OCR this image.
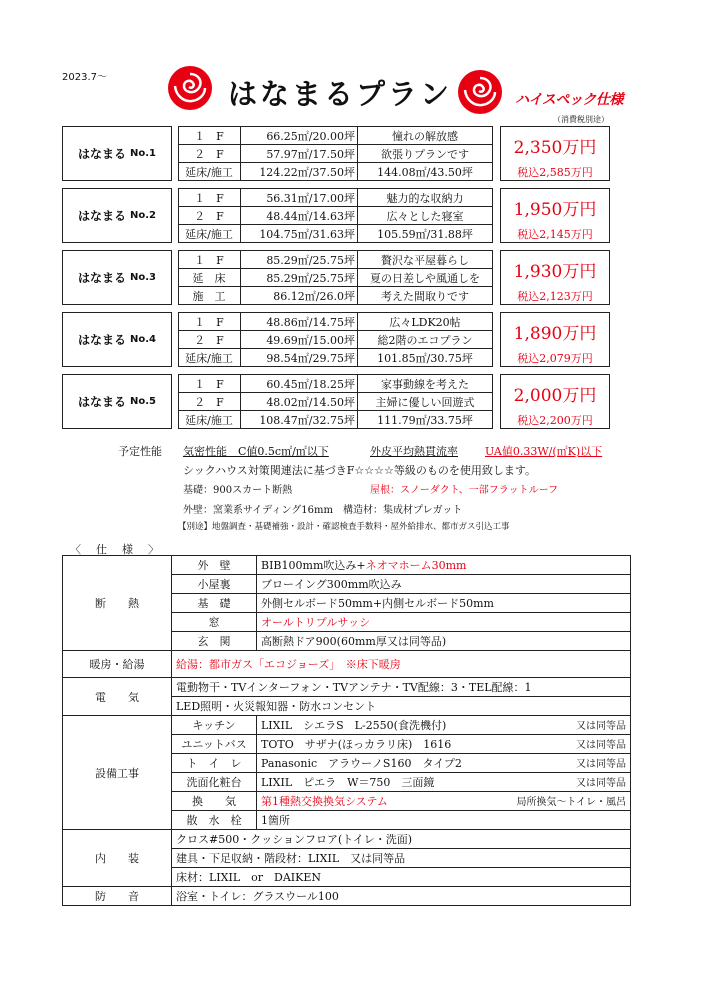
2023.7〜	はなまるプラン	ハイスペック仕様
（消費税別途）
はなまる No.1
１　F	66.25㎡/20.00坪	憧れの解放感
２　F	57.97㎡/17.50坪	欲張りプランです
延床/施工	124.22㎡/37.50坪	144.08㎡/43.50坪
2,350万円
税込2,585万円
はなまる No.2
１　F	56.31㎡/17.00坪	魅力的な収納力
２　F	48.44㎡/14.63坪	広々とした寝室
延床/施工	104.75㎡/31.63坪	105.59㎡/31.88坪
1,950万円
税込2,145万円
はなまる No.3
１　F	85.29㎡/25.75坪	贅沢な平屋暮らし
延　床	85.29㎡/25.75坪	夏の日差しや風通しを
施　工	86.12㎡/26.0坪	考えた間取りです
1,930万円
税込2,123万円
はなまる No.4
１　F	48.86㎡/14.75坪	広々LDK20帖
２　F	49.69㎡/15.00坪	総2階のエコプラン
延床/施工	98.54㎡/29.75坪	101.85㎡/30.75坪
1,890万円
税込2,079万円
はなまる No.5
１　F	60.45㎡/18.25坪	家事動線を考えた
２　F	48.02㎡/14.50坪	主婦に優しい回遊式
延床/施工	108.47㎡/32.75坪	111.79㎡/33.75坪
2,000万円
税込2,200万円
予定性能 気密性能　C値0.5c㎡/㎡以下	外皮平均熱貫流率 UA値0.33W/(㎡K)以下
シックハウス対策関連法に基づきF☆☆☆☆等級のものを使用致します。
基礎：900スカート断熱	屋根：スノーダクト、一部フラットルーフ
外壁：窯業系サイディング16mm　構造材：集成材プレガット
【別途】地盤調査・基礎補強・設計・確認検査手数料・屋外給排水、都市ガス引込工事
〈　仕　様　〉
断　　熱	外　壁	BIB100mm吹込み+ネオマホーム30mm
	小屋裏	ブローイング300mm吹込み
	基　礎	外側セルボード50mm+内側セルボード50mm
	窓	オールトリプルサッシ
	玄　関	高断熱ドア900(60mm厚又は同等品)
暖房・給湯	給湯：都市ガス「エコジョーズ」　※床下暖房	
電　　気	電動物干・TVインターフォン・TVアンテナ・TV配線：3・TEL配線：1	
	LED照明・火災報知器・防水コンセント	
設備工事	キッチン	LIXIL　シエラS　L-2550(食洗機付) 又は同等品

	ユニットバス	TOTO　サザナ(ほっカラリ床)　1616 又は同等品

	ト　イ　レ	Panasonic　アラウーノS160　タイプ2 又は同等品

	洗面化粧台	LIXIL　ピエラ　W＝750　三面鏡 又は同等品

	換　　気	第1種熱交換換気システム 局所換気〜トイレ・風呂

	散　水　栓	1箇所
内　　装	クロス#500・クッションフロア(トイレ・洗面)	
	建具・下足収納・階段材：LIXIL　又は同等品	
	床材：LIXIL　or　DAIKEN	
防　　音	浴室・トイレ：グラスウール100	
